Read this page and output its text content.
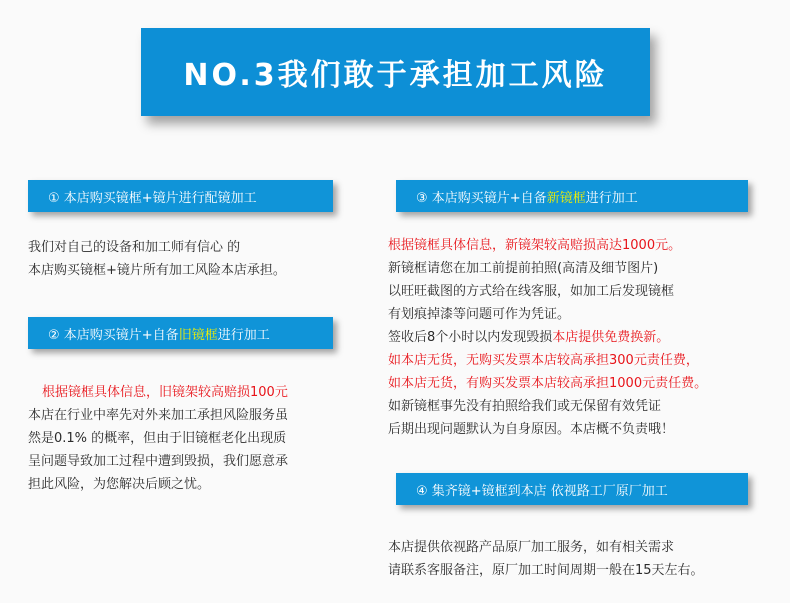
NO.3我们敢于承担加工风险
① 本店购买镜框+镜片进行配镜加工
我们对自己的设备和加工师有信心 的
本店购买镜框+镜片所有加工风险本店承担。
② 本店购买镜片+自备 旧镜框 进行加工
根据镜框具体信息，旧镜架较高赔损100元
本店在行业中率先对外来加工承担风险服务虽
然是0.1% 的概率，但由于旧镜框老化出现质
呈问题导致加工过程中遭到毁损，我们愿意承
担此风险，为您解决后顾之忧。
③ 本店购买镜片+自备 新镜框 进行加工
根据镜框具体信息，新镜架较高赔损高达1000元。
新镜框请您在加工前提前拍照(高清及细节图片)
以旺旺截图的方式给在线客服，如加工后发现镜框
有划痕掉漆等问题可作为凭证。
签收后8个小时以内发现毁损本店提供免费换新。
如本店无货，无购买发票本店较高承担300元责任费，
如本店无货，有购买发票本店较高承担1000元责任费。
如新镜框事先没有拍照给我们或无保留有效凭证
后期出现问题默认为自身原因。本店概不负责哦！
④ 集齐镜+镜框到本店 依视路工厂原厂加工
本店提供依视路产品原厂加工服务，如有相关需求
请联系客服备注，原厂加工时间周期一般在15天左右。
